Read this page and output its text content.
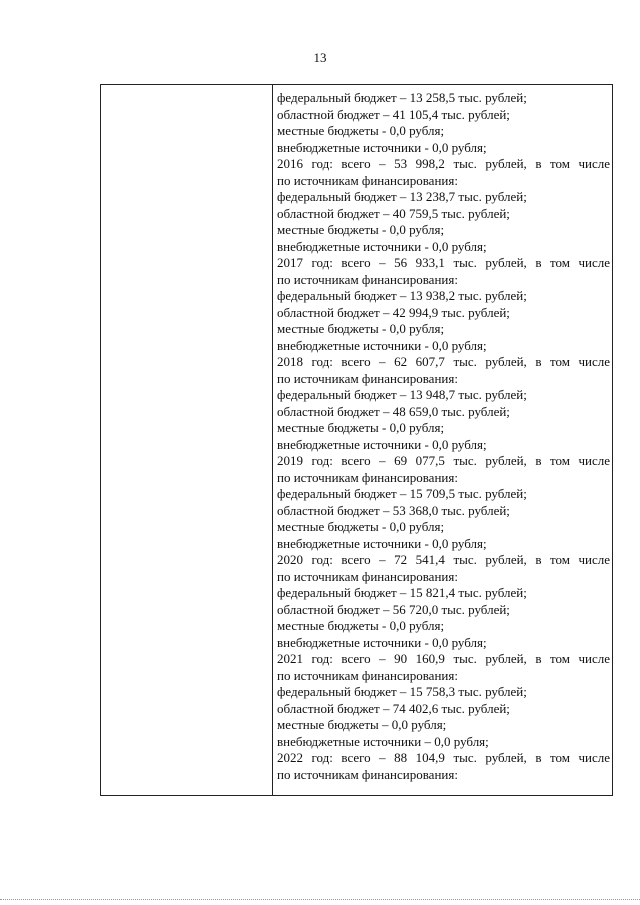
13
федеральный бюджет – 13 258,5 тыс. рублей;
областной бюджет – 41 105,4 тыс. рублей;
местные бюджеты - 0,0 рубля;
внебюджетные источники - 0,0 рубля;
2016 год: всего – 53 998,2 тыс. рублей, в том числе
по источникам финансирования:
федеральный бюджет – 13 238,7 тыс. рублей;
областной бюджет – 40 759,5 тыс. рублей;
местные бюджеты - 0,0 рубля;
внебюджетные источники - 0,0 рубля;
2017 год: всего – 56 933,1 тыс. рублей, в том числе
по источникам финансирования:
федеральный бюджет – 13 938,2 тыс. рублей;
областной бюджет – 42 994,9 тыс. рублей;
местные бюджеты - 0,0 рубля;
внебюджетные источники - 0,0 рубля;
2018 год: всего – 62 607,7 тыс. рублей, в том числе
по источникам финансирования:
федеральный бюджет – 13 948,7 тыс. рублей;
областной бюджет – 48 659,0 тыс. рублей;
местные бюджеты - 0,0 рубля;
внебюджетные источники - 0,0 рубля;
2019 год: всего – 69 077,5 тыс. рублей, в том числе
по источникам финансирования:
федеральный бюджет – 15 709,5 тыс. рублей;
областной бюджет – 53 368,0 тыс. рублей;
местные бюджеты - 0,0 рубля;
внебюджетные источники - 0,0 рубля;
2020 год: всего – 72 541,4 тыс. рублей, в том числе
по источникам финансирования:
федеральный бюджет – 15 821,4 тыс. рублей;
областной бюджет – 56 720,0 тыс. рублей;
местные бюджеты - 0,0 рубля;
внебюджетные источники - 0,0 рубля;
2021 год: всего – 90 160,9 тыс. рублей, в том числе
по источникам финансирования:
федеральный бюджет – 15 758,3 тыс. рублей;
областной бюджет – 74 402,6 тыс. рублей;
местные бюджеты – 0,0 рубля;
внебюджетные источники – 0,0 рубля;
2022 год: всего – 88 104,9 тыс. рублей, в том числе
по источникам финансирования:
